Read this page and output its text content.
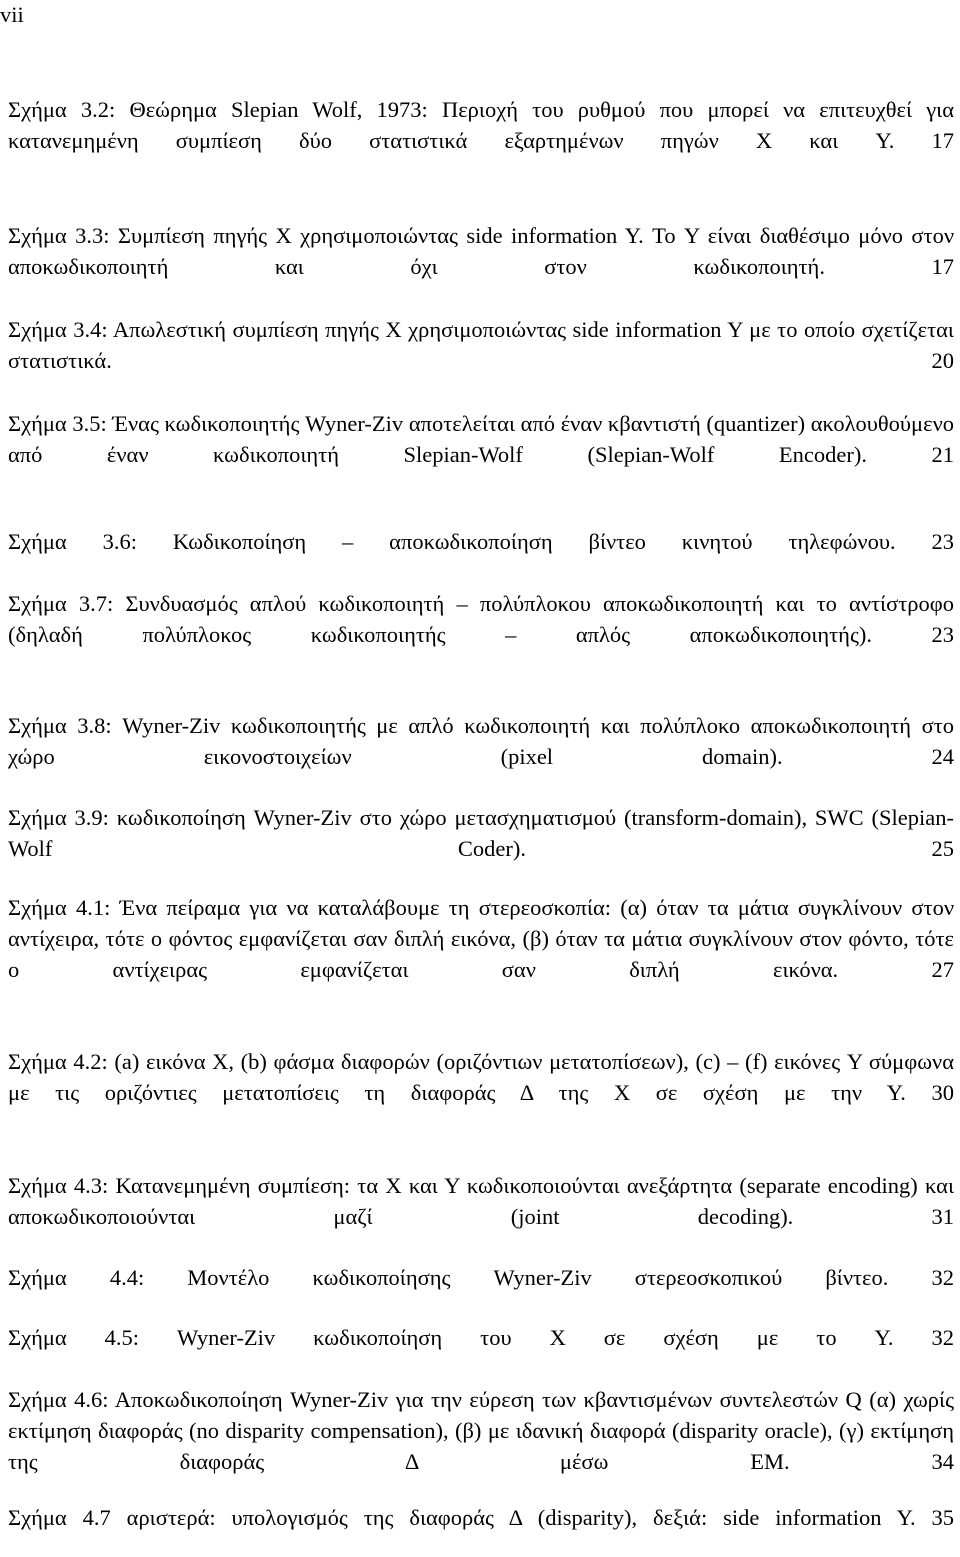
vii
Σχήμα 3.2: Θεώρημα Slepian Wolf, 1973: Περιοχή του ρυθμού που μπορεί να επιτευχθεί για κατανεμημένη συμπίεση δύο στατιστικά εξαρτημένων πηγών Χ και Y. 17
Σχήμα 3.3: Συμπίεση πηγής Χ χρησιμοποιώντας side information Y. Το Y είναι διαθέσιμο μόνο στον αποκωδικοποιητή και όχι στον κωδικοποιητή.	17
Σχήμα 3.4: Απωλεστική συμπίεση πηγής Χ χρησιμοποιώντας side information Y με το οποίο σχετίζεται στατιστικά.	20
Σχήμα 3.5: Ένας κωδικοποιητής Wyner-Ziv αποτελείται από έναν κβαντιστή (quantizer) ακολουθούμενο από έναν κωδικοποιητή Slepian-Wolf (Slepian-Wolf Encoder).	21
Σχήμα 3.6: Κωδικοποίηση – αποκωδικοποίηση βίντεο κινητού τηλεφώνου. 23
Σχήμα 3.7: Συνδυασμός απλού κωδικοποιητή – πολύπλοκου αποκωδικοποιητή και το αντίστροφο (δηλαδή πολύπλοκος κωδικοποιητής – απλός αποκωδικοποιητής).	23
Σχήμα 3.8: Wyner-Ziv κωδικοποιητής με απλό κωδικοποιητή και πολύπλοκο αποκωδικοποιητή στο χώρο εικονοστοιχείων (pixel domain).	24
Σχήμα 3.9: κωδικοποίηση Wyner-Ziv στο χώρο μετασχηματισμού (transform-domain), SWC (Slepian-Wolf Coder).	25
Σχήμα 4.1: Ένα πείραμα για να καταλάβουμε τη στερεοσκοπία: (α) όταν τα μάτια συγκλίνουν στον αντίχειρα, τότε ο φόντος εμφανίζεται σαν διπλή εικόνα, (β) όταν τα μάτια συγκλίνουν στον φόντο, τότε ο αντίχειρας εμφανίζεται σαν διπλή εικόνα.	27
Σχήμα 4.2: (a) εικόνα Χ, (b) φάσμα διαφορών (οριζόντιων μετατοπίσεων), (c) – (f) εικόνες Y σύμφωνα με τις οριζόντιες μετατοπίσεις τη διαφοράς Δ της Χ σε σχέση με την Υ. 30
Σχήμα 4.3: Κατανεμημένη συμπίεση: τα Χ και Υ κωδικοποιούνται ανεξάρτητα (separate encoding) και αποκωδικοποιούνται μαζί (joint decoding).	31
Σχήμα 4.4: Μοντέλο κωδικοποίησης Wyner-Ziv στερεοσκοπικού βίντεο. 32
Σχήμα 4.5: Wyner-Ziv κωδικοποίηση του Χ σε σχέση με το Y. 32
Σχήμα 4.6: Αποκωδικοποίηση Wyner-Ziv για την εύρεση των κβαντισμένων συντελεστών Q (α) χωρίς εκτίμηση διαφοράς (no disparity compensation), (β) με ιδανική διαφορά (disparity oracle), (γ) εκτίμηση της διαφοράς Δ μέσω EM.	34
Σχήμα 4.7 αριστερά: υπολογισμός της διαφοράς Δ (disparity), δεξιά: side information Y. 35
